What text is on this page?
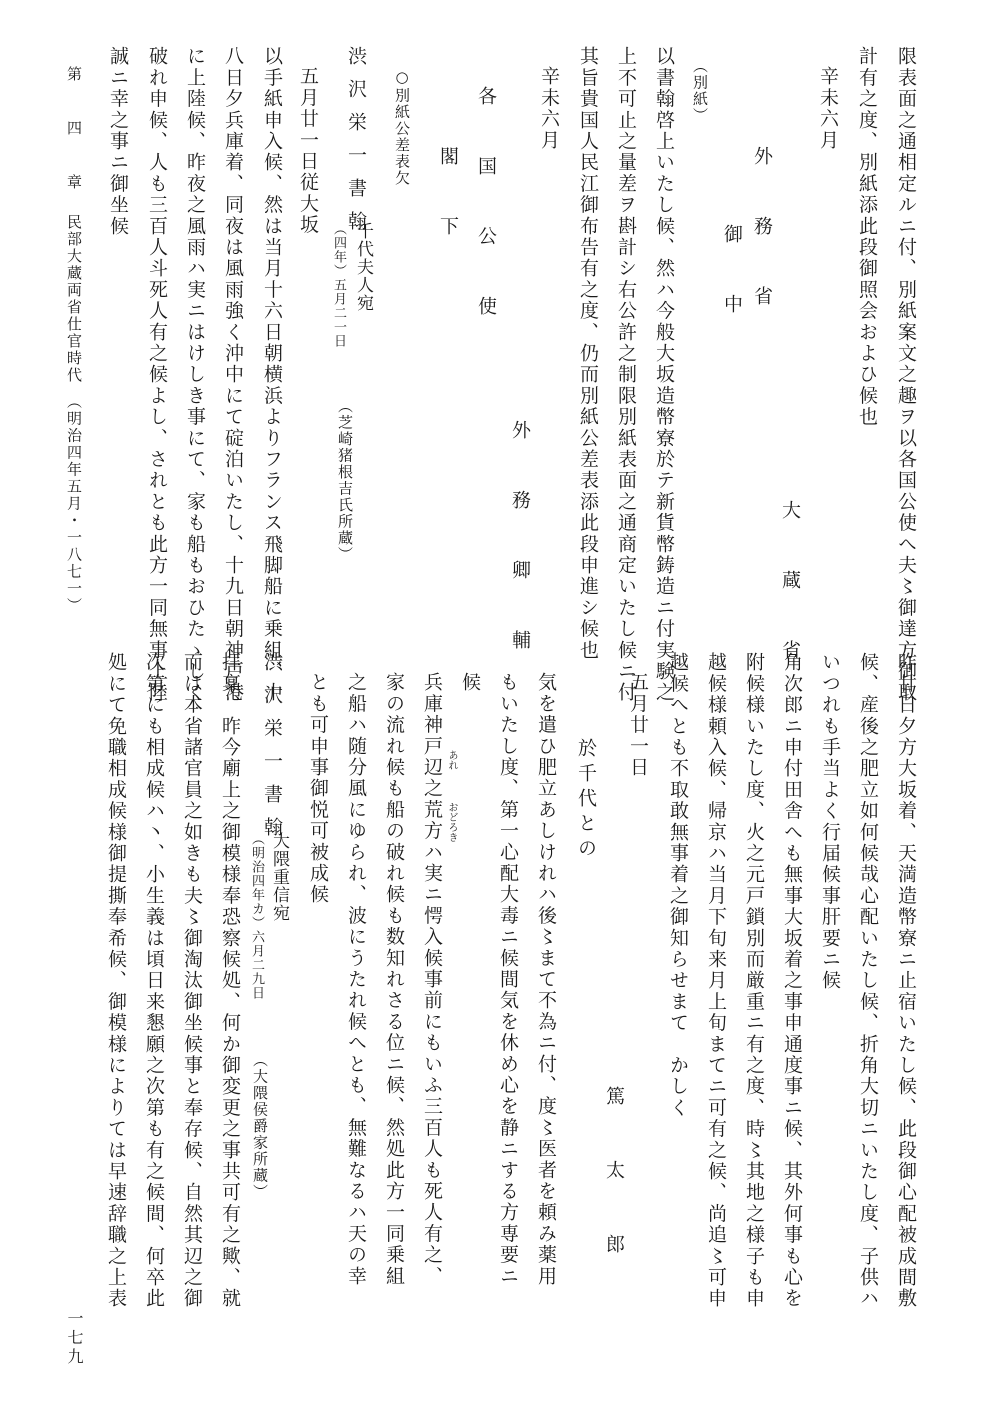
限表面之通相定ルニ付、別紙案文之趣ヲ以各国公使へ夫〻御達方御取
計有之度、別紙添此段御照会およひ候也
辛未六月
大　蔵　省
外　務　省
御　中
（別紙）
以書翰啓上いたし候、然ハ今般大坂造幣寮於テ新貨幣鋳造ニ付実験之
上不可止之量差ヲ斟計シ右公許之制限別紙表面之通商定いたし候ニ付
其旨貴国人民江御布告有之度、仍而別紙公差表添此段申進シ候也
辛未六月
外　務　卿　輔
各　国　公　使
閣　下
○別紙公差表欠
渋沢栄一書翰
千代夫人宛
（四年）五月二一日
（芝崎猪根吉氏所蔵）
五月廿一日従大坂
以手紙申入候、然は当月十六日朝横浜よりフランス飛脚船に乗組、十
八日夕兵庫着、同夜は風雨強く沖中にて碇泊いたし、十九日朝神戸港
に上陸候、昨夜之風雨ハ実ニはけしき事にて、家も船もおひたゝしく
破れ申候、人も三百人斗死人有之候よし、されとも此方一同無事上陸
誠ニ幸之事ニ御坐候
第　四　章
民部大蔵両省仕官時代　（明治四年五月・一八七一）
昨廿日夕方大坂着、天満造幣寮ニ止宿いたし候、此段御心配被成間敷
候、産後之肥立如何候哉心配いたし候、折角大切ニいたし度、子供ハ
いつれも手当よく行届候事肝要ニ候
角次郎ニ申付田舎へも無事大坂着之事申通度事ニ候、其外何事も心を
附候様いたし度、火之元戸鎖別而厳重ニ有之度、時〻其地之様子も申
越候様頼入候、帰京ハ当月下旬来月上旬まてニ可有之候、尚追〻可申
越候へとも不取敢無事着之御知らせまて　かしく
五月廿一日
篤　太　郎
於千代との
気を遣ひ肥立あしけれハ後〻まて不為ニ付、度〻医者を頼み薬用
もいたし度、第一心配大毒ニ候間気を休め心を静ニする方専要ニ
候
兵庫神戸辺之荒方ハ実ニ愕入候事前にもいふ三百人も死人有之、
家の流れ候も船の破れ候も数知れさる位ニ候、然処此方一同乗組
之船ハ随分風にゆられ、波にうたれ候へとも、無難なるハ天の幸
とも可申事御悦可被成候
渋沢栄一書翰
大隈重信宛
（明治四年カ）六月二九日
（大隈侯爵家所蔵）
拝稟、昨今廟上之御模様奉恐察候処、何か御変更之事共可有之歟、就
而は本省諸官員之如きも夫〻御淘汰御坐候事と奉存候、自然其辺之御
次第にも相成候ハ丶、小生義は頃日来懇願之次第も有之候間、何卒此
処にて免職相成候様御提撕奉希候、御模様によりては早速辞職之上表	あれ
おどろき
一七九
